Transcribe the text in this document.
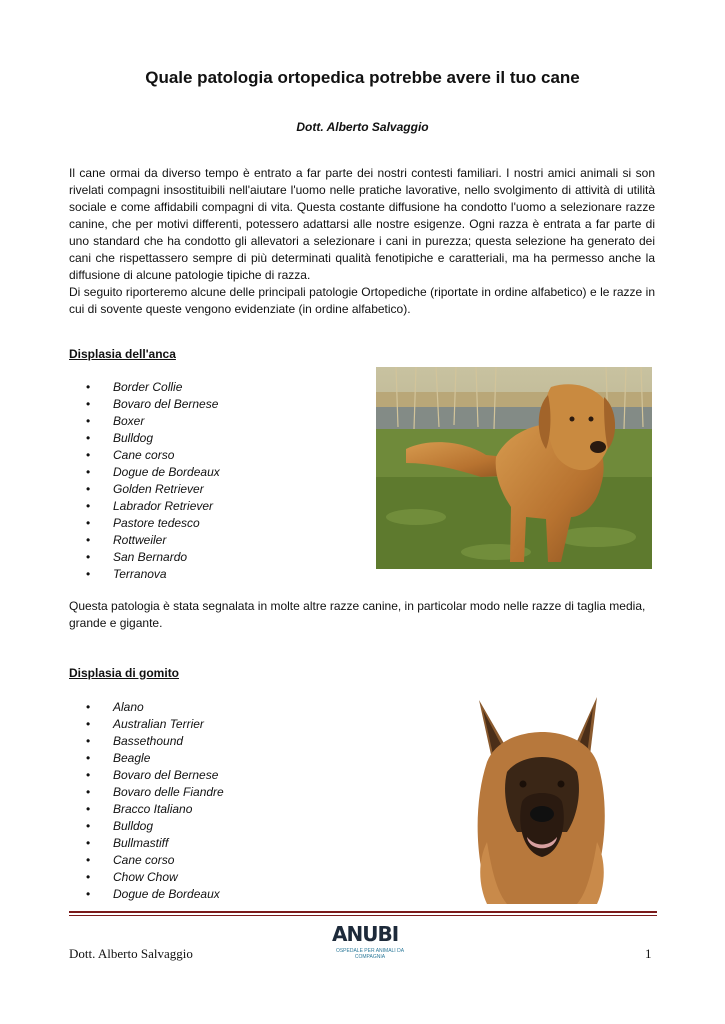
Quale patologia ortopedica potrebbe avere il tuo cane
Dott. Alberto Salvaggio

Il cane ormai da diverso tempo è entrato a far parte dei nostri contesti familiari. I nostri amici animali si son rivelati compagni insostituibili nell'aiutare l'uomo nelle pratiche lavorative, nello svolgimento di attività di utilità sociale e come affidabili compagni di vita. Questa costante diffusione ha condotto l'uomo a selezionare razze canine, che per motivi differenti, potessero adattarsi alle nostre esigenze. Ogni razza è entrata a far parte di uno standard che ha condotto gli allevatori a selezionare i cani in purezza; questa selezione ha generato dei cani che rispettassero sempre di più determinati qualità fenotipiche e caratteriali, ma ha permesso anche la diffusione di alcune patologie tipiche di razza.

Di seguito riporteremo alcune delle principali patologie Ortopediche (riportate in ordine alfabetico) e le razze in cui di sovente queste vengono evidenziate (in ordine alfabetico).

Displasia dell'anca
• Border Collie
• Bovaro del Bernese
• Boxer
• Bulldog
• Cane corso
• Dogue de Bordeaux
• Golden Retriever
• Labrador Retriever
• Pastore tedesco
• Rottweiler
• San Bernardo
• Terranova
Questa patologia è stata segnalata in molte altre razze canine, in particolar modo nelle razze di taglia media, grande e gigante.
Displasia di gomito
• Alano
• Australian Terrier
• Bassethound
• Beagle
• Bovaro del Bernese
• Bovaro delle Fiandre
• Bracco Italiano
• Bulldog
• Bullmastiff
• Cane corso
• Chow Chow
• Dogue de Bordeaux
ANUBI
OSPEDALE PER ANIMALI DA COMPAGNIA
Dott. Alberto Salvaggio	1
